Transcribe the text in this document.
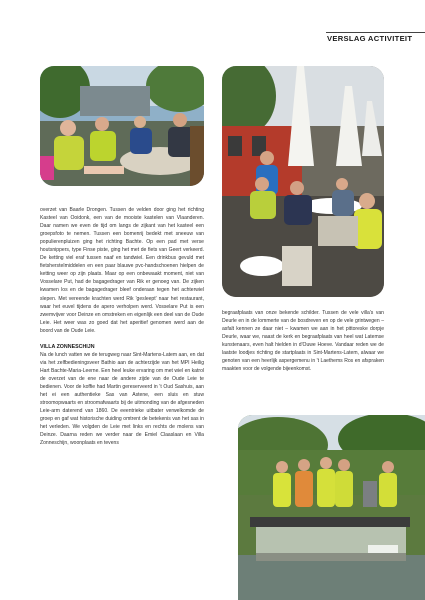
VERSLAG ACTIVITEIT

overzet van Baarle Drongen. Tussen de velden door ging het richting Kasteel van Ooidonk, een van de mooiste kastelen van Vlaanderen. Daar namen we even de tijd om langs de zijkant van het kasteel een groepsfoto te nemen. Tussen een bomenrij bedekt met sneeuw van populierenpluizen ging het richting Bachte. Op een pad met verse houtsnippers, type Finse piste, ging het met de fiets van Geert verkeerd. De ketting viel eraf tussen naaf en tandwiel. Een drinkbus gevuld met fietshersteImiddelen en een paar blauwe pvc-handschoenen hielpen de ketting weer op zijn plaats. Maar op een onbewaakt moment, niet van Vosselare Put, had de bagagedrager van Rik er genoeg van. De zijken kwamen los en de bagagedrager bleef onderaan tegen het achterwiel slepen. Met vereende krachten werd Rik 'gesleept' naar het restaurant, waar het euvel tijdens de apero verholpen werd. Vosselare Put is een zwemvijver voor Deinze en omstreken en eigenlijk een deel van de Oude Leie. Het weer was zo goed dat het aperitief genomen werd aan de boord van de Oude Leie.

VILLA ZONNESCHIJN

Na de lunch vatten we de terugweg naar Sint-Martens-Latem aan, en dat via het zelfbedieningsveer Bathio aan de achterzijde van het MPI Heilig Hart Bachte-Maria-Leerne. Een heel leuke ervaring om met wiel en katrol de overzet van de ene naar de andere zijde van de Oude Leie te bedienen. Voor de koffie had Martin gereserveerd in 't Oud Sashuis, aan het ei een authentieke Sas van Astene, een sluis en stuw stroomopwaarts en stroomafwaarts bij de uitmonding van de afgesneden Leie-arm daterend van 1860. De eeentrieke uitbater verwelkomde de groep en gaf wat historische duiding omtrent de betekenis van het sas in het verleden. We volgden de Leie met links en rechts de molens van Deinze. Daarna reden we verder naar de Emiel Claaslaan en Villa Zonneschijn, woonplaats en tevens

begraafplaats van onze bekende schilder. Tussen de vele villa's van Deurle en in de lommerte van de bosdreven en op de vele grintwegen – asfalt kennen ze daar niet – kwamen we aan in het pittoreske dorpje Deurle, waar we, naast de kerk en begraafplaats van heel wat Latemse kunstenaars, even halt hielden in d'Ouwe Hoeve. Vandaar reden we de laatste loodjes richting de startplaats in Sint-Martens-Latem, alwaar we genoten van een heerlijk aspergemenu in 't Laethems Ros en afspraken maakten voor de volgende bijeenkomst.
